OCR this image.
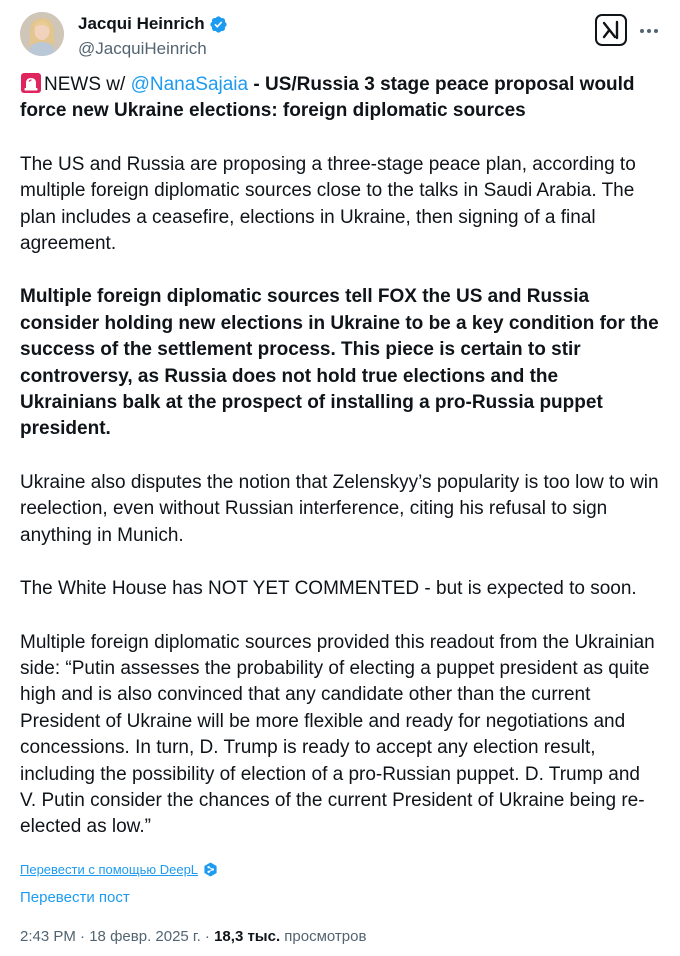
Jacqui Heinrich
@JacquiHeinrich

NEWS w/ @NanaSajaia - US/Russia 3 stage peace proposal would force new Ukraine elections: foreign diplomatic sources

The US and Russia are proposing a three-stage peace plan, according to multiple foreign diplomatic sources close to the talks in Saudi Arabia. The plan includes a ceasefire, elections in Ukraine, then signing of a final agreement.

Multiple foreign diplomatic sources tell FOX the US and Russia consider holding new elections in Ukraine to be a key condition for the success of the settlement process. This piece is certain to stir controversy, as Russia does not hold true elections and the Ukrainians balk at the prospect of installing a pro-Russia puppet president.

Ukraine also disputes the notion that Zelenskyy’s popularity is too low to win reelection, even without Russian interference, citing his refusal to sign anything in Munich.

The White House has NOT YET COMMENTED - but is expected to soon.

Multiple foreign diplomatic sources provided this readout from the Ukrainian side: “Putin assesses the probability of electing a puppet president as quite high and is also convinced that any candidate other than the current President of Ukraine will be more flexible and ready for negotiations and concessions. In turn, D. Trump is ready to accept any election result, including the possibility of election of a pro-Russian puppet. D. Trump and V. Putin consider the chances of the current President of Ukraine being re-elected as low.”

Перевести с помощью DeepL
Перевести пост
2:43 PM · 18 февр. 2025 г. · 18,3 тыс. просмотров
